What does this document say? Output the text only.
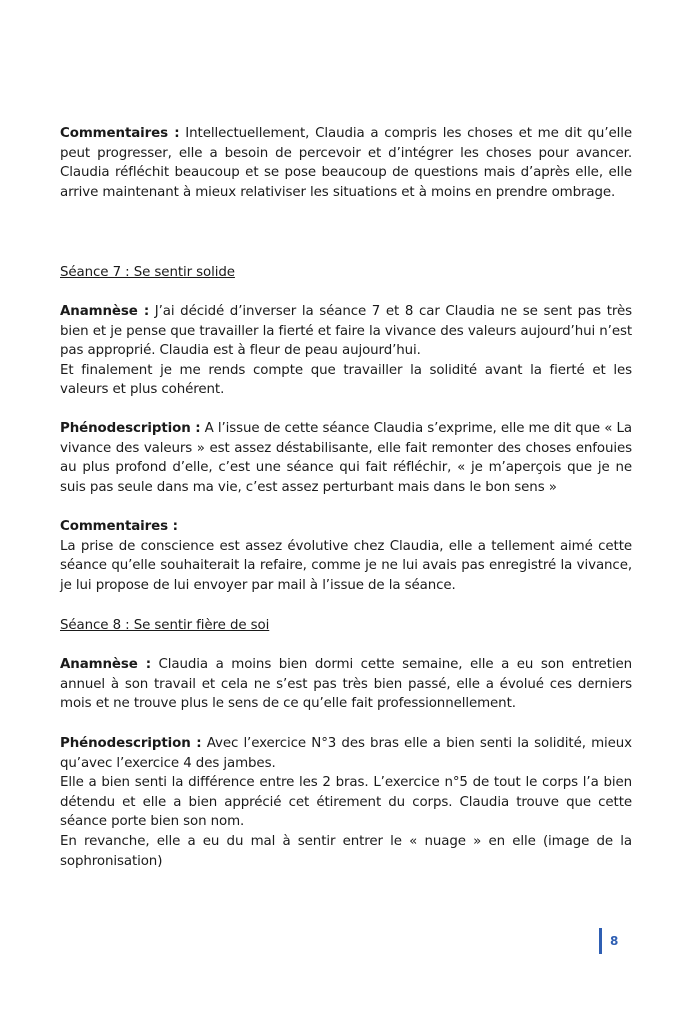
Commentaires : Intellectuellement, Claudia a compris les choses et me dit qu’elle peut progresser, elle a besoin de percevoir et d’intégrer les choses pour avancer. Claudia réfléchit beaucoup et se pose beaucoup de questions mais d’après elle, elle arrive maintenant à mieux relativiser les situations et à moins en prendre ombrage.

Séance 7 : Se sentir solide

Anamnèse : J’ai décidé d’inverser la séance 7 et 8 car Claudia ne se sent pas très bien et je pense que travailler la fierté et faire la vivance des valeurs aujourd’hui n’est pas approprié. Claudia est à fleur de peau aujourd’hui.

Et finalement je me rends compte que travailler la solidité avant la fierté et les valeurs et plus cohérent.

Phénodescription : A l’issue de cette séance Claudia s’exprime, elle me dit que « La vivance des valeurs » est assez déstabilisante, elle fait remonter des choses enfouies au plus profond d’elle, c’est une séance qui fait réfléchir, « je m’aperçois que je ne suis pas seule dans ma vie, c’est assez perturbant mais dans le bon sens »

Commentaires :

La prise de conscience est assez évolutive chez Claudia, elle a tellement aimé cette séance qu’elle souhaiterait la refaire, comme je ne lui avais pas enregistré la vivance, je lui propose de lui envoyer par mail à l’issue de la séance.

Séance 8 : Se sentir fière de soi

Anamnèse : Claudia a moins bien dormi cette semaine, elle a eu son entretien annuel à son travail et cela ne s’est pas très bien passé, elle a évolué ces derniers mois et ne trouve plus le sens de ce qu’elle fait professionnellement.

Phénodescription : Avec l’exercice N°3 des bras elle a bien senti la solidité, mieux qu’avec l’exercice 4 des jambes.

Elle a bien senti la différence entre les 2 bras. L’exercice n°5 de tout le corps l’a bien détendu et elle a bien apprécié cet étirement du corps. Claudia trouve que cette séance porte bien son nom.

En revanche, elle a eu du mal à sentir entrer le « nuage » en elle (image de la sophronisation)

8
